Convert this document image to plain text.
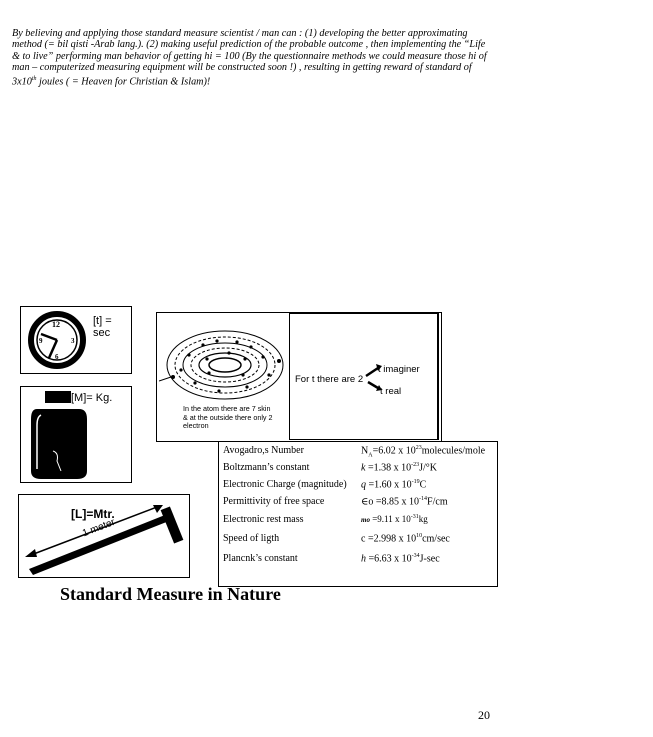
By believing and applying those standard measure scientist / man can : (1) developing the better approximating method (= bil qisti -Arab lang.). (2) making useful prediction of the probable outcome , then implementing the “Life & to live” performing man behavior of getting hi = 100 (By the questionnaire methods we could measure those hi of man – computerized measuring equipment will be constructed soon !) , resulting in getting reward of standard of 3x10th joules ( = Heaven for Christian & Islam)!
12
3
6
9
[t] = sec
[M]= Kg.
[L]=Mtr.
1 meter
In the atom there are 7 skin
& at the outside there only 2
electron
For t there are 2
t imaginer
t real
Avogadro,s Number	$N_A=6.02$ x $10^{23}molecules$/mole
Boltzmann’s constant	k =1.38 x $10^{-23}J/^\circ K$
Electronic Charge (magnitude) q =1.60 x $10^{-19}C$
Permittivity of free space	∈o =8.85 x $10^{-14}F/cm$
Electronic rest mass	mo =9.11 x $10^{-31}kg$
Speed of ligth	c =2.998 x $10^{10}cm/\sec$
Plancnk’s constant	h =6.63 x $10^{-34}J-\sec$
Standard Measure in Nature
20
